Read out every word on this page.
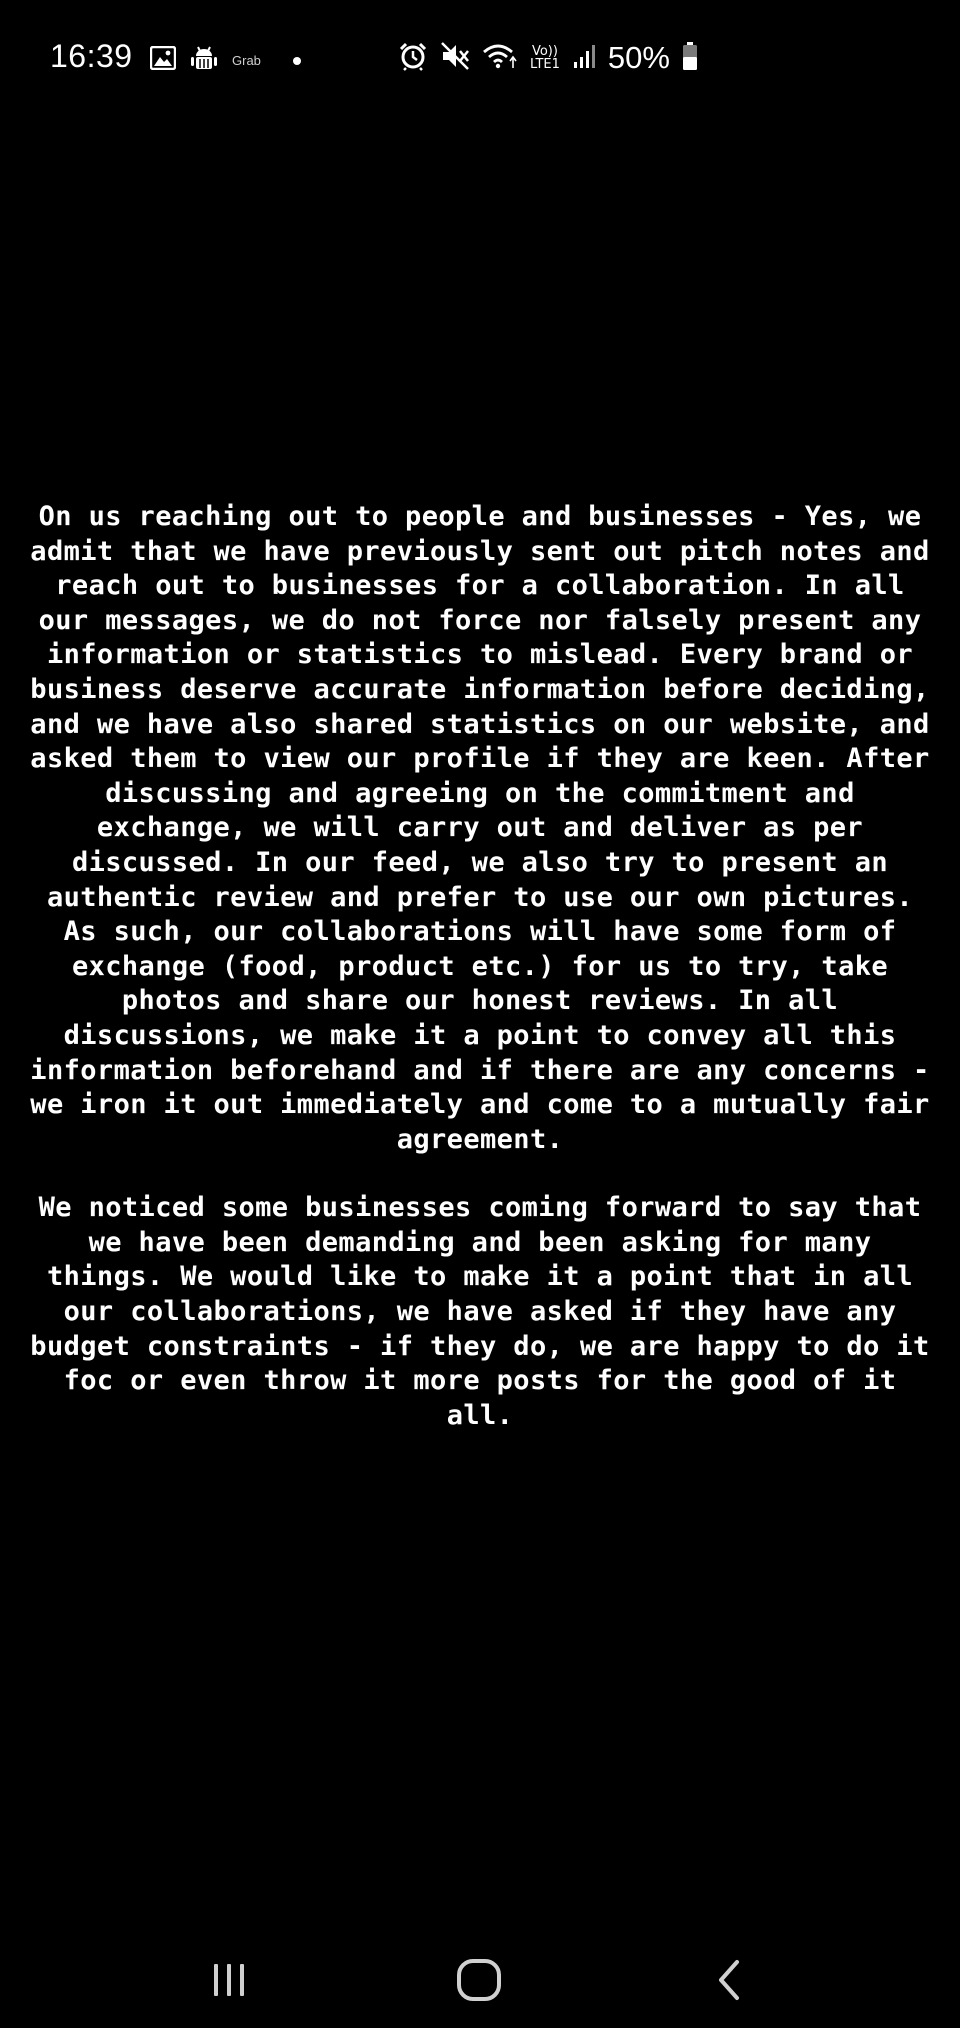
16:39	Grab
Vo))
LTE1 50%

On us reaching out to people and businesses - Yes, we admit that we have previously sent out pitch notes and reach out to businesses for a collaboration. In all our messages, we do not force nor falsely present any information or statistics to mislead. Every brand or business deserve accurate information before deciding, and we have also shared statistics on our website, and asked them to view our profile if they are keen. After discussing and agreeing on the commitment and exchange, we will carry out and deliver as per discussed. In our feed, we also try to present an authentic review and prefer to use our own pictures. As such, our collaborations will have some form of exchange (food, product etc.) for us to try, take photos and share our honest reviews. In all discussions, we make it a point to convey all this information beforehand and if there are any concerns - we iron it out immediately and come to a mutually fair agreement.

We noticed some businesses coming forward to say that we have been demanding and been asking for many things. We would like to make it a point that in all our collaborations, we have asked if they have any budget constraints - if they do, we are happy to do it foc or even throw it more posts for the good of it all.
